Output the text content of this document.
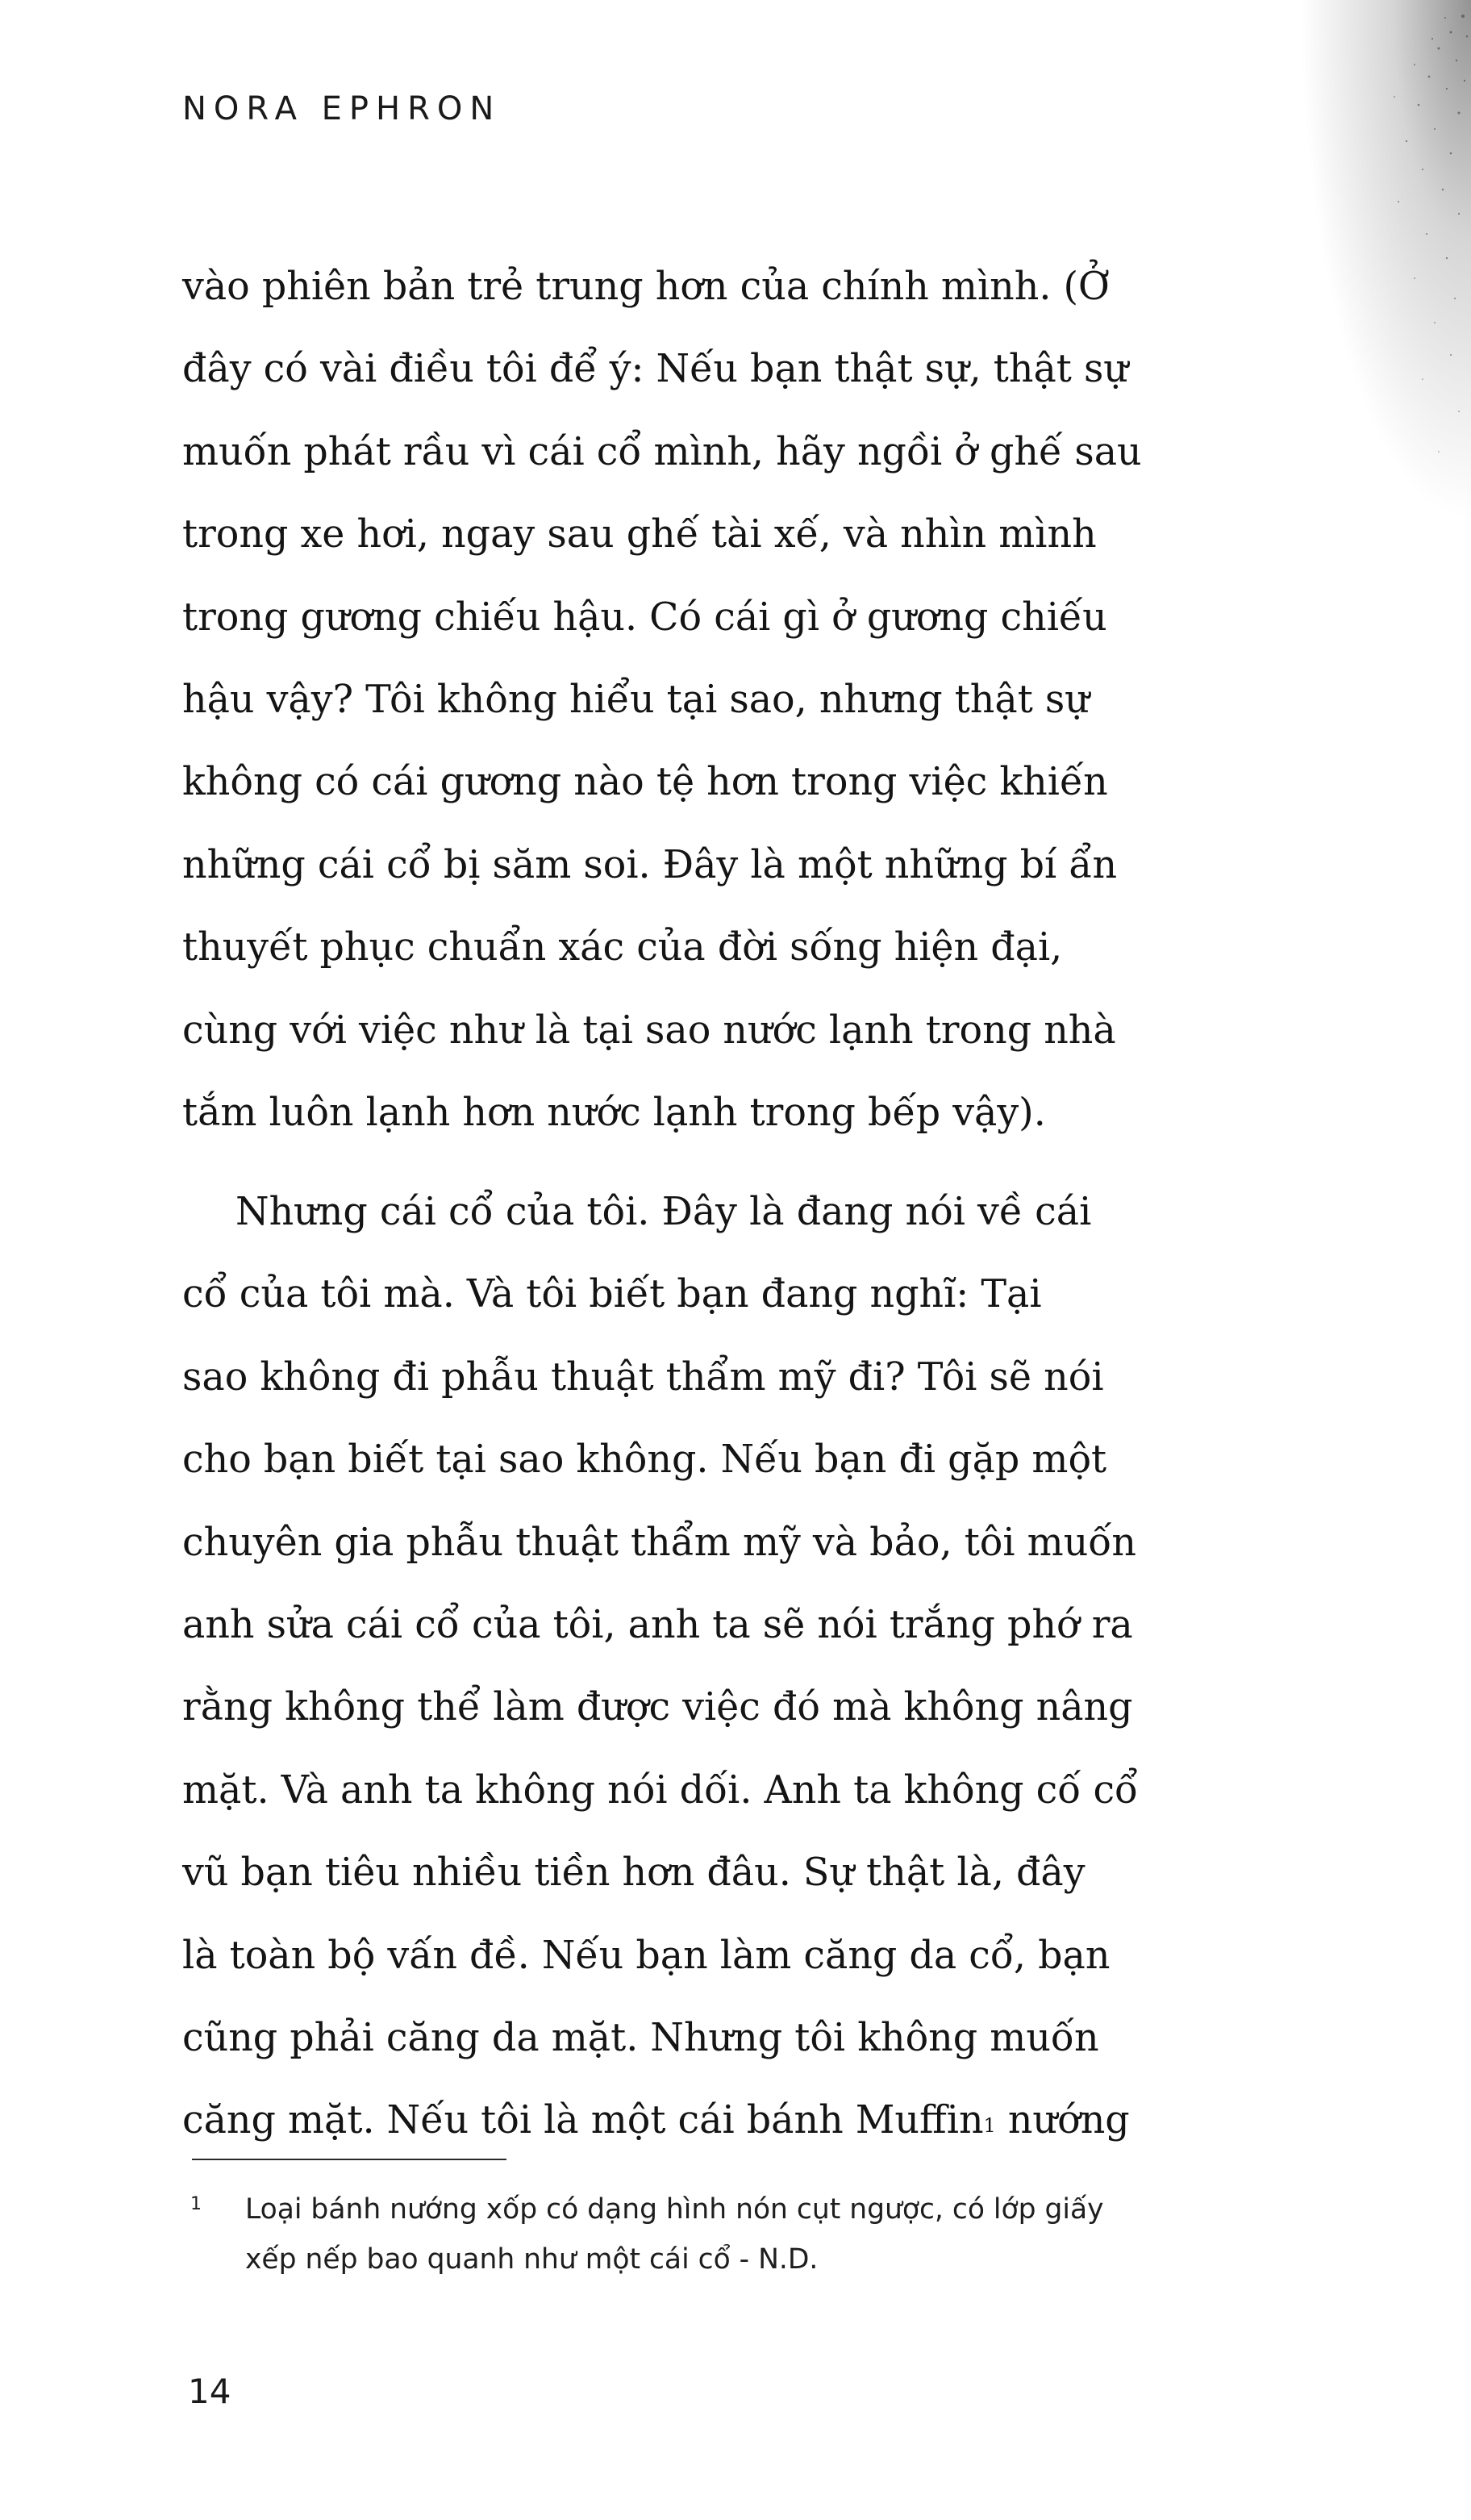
NORA EPHRON

vào phiên bản trẻ trung hơn của chính mình. (Ở
đây có vài điều tôi để ý: Nếu bạn thật sự, thật sự
muốn phát rầu vì cái cổ mình, hãy ngồi ở ghế sau
trong xe hơi, ngay sau ghế tài xế, và nhìn mình
trong gương chiếu hậu. Có cái gì ở gương chiếu
hậu vậy? Tôi không hiểu tại sao, nhưng thật sự
không có cái gương nào tệ hơn trong việc khiến
những cái cổ bị săm soi. Đây là một những bí ẩn
thuyết phục chuẩn xác của đời sống hiện đại,
cùng với việc như là tại sao nước lạnh trong nhà
tắm luôn lạnh hơn nước lạnh trong bếp vậy).

Nhưng cái cổ của tôi. Đây là đang nói về cái
cổ của tôi mà. Và tôi biết bạn đang nghĩ: Tại
sao không đi phẫu thuật thẩm mỹ đi? Tôi sẽ nói
cho bạn biết tại sao không. Nếu bạn đi gặp một
chuyên gia phẫu thuật thẩm mỹ và bảo, tôi muốn
anh sửa cái cổ của tôi, anh ta sẽ nói trắng phớ ra
rằng không thể làm được việc đó mà không nâng
mặt. Và anh ta không nói dối. Anh ta không cố cổ
vũ bạn tiêu nhiều tiền hơn đâu. Sự thật là, đây
là toàn bộ vấn đề. Nếu bạn làm căng da cổ, bạn
cũng phải căng da mặt. Nhưng tôi không muốn
căng mặt. Nếu tôi là một cái bánh Muffin$^1$ nướng

1 Loại bánh nướng xốp có dạng hình nón cụt ngược, có lớp giấy
xếp nếp bao quanh như một cái cổ - N.D.
14
